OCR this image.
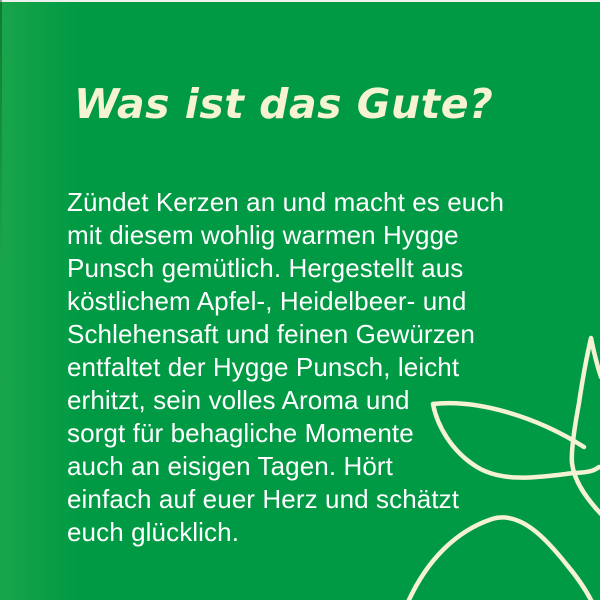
Was ist das Gute?
Zündet Kerzen an und macht es euch
mit diesem wohlig warmen Hygge
Punsch gemütlich. Hergestellt aus
köstlichem Apfel-, Heidelbeer- und
Schlehensaft und feinen Gewürzen
entfaltet der Hygge Punsch, leicht
erhitzt, sein volles Aroma und
sorgt für behagliche Momente
auch an eisigen Tagen. Hört
einfach auf euer Herz und schätzt
euch glücklich.
